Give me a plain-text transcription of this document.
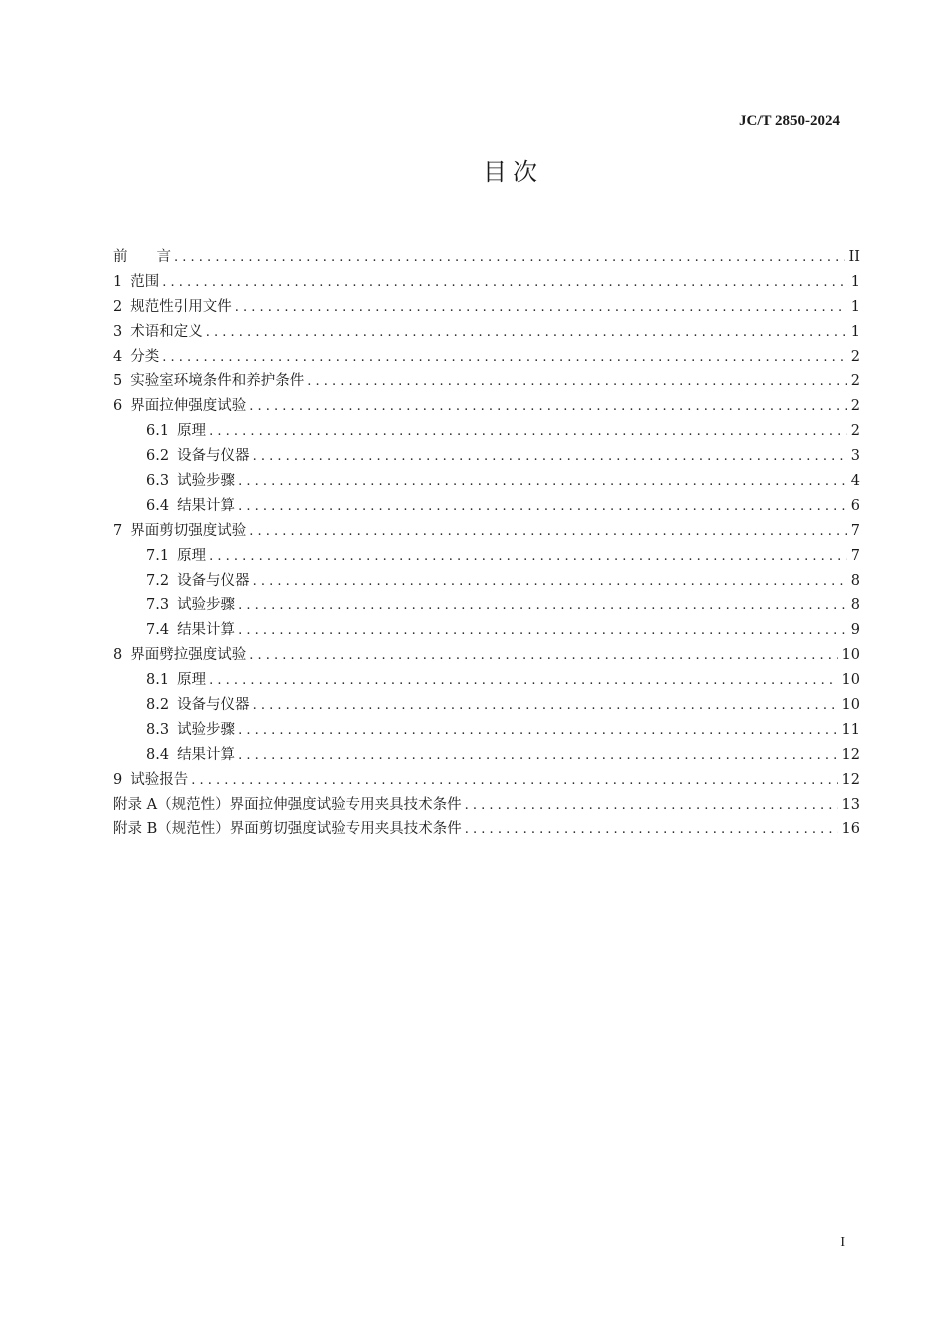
JC/T 2850-2024
目次
前　　言 . . .	II
1 范围 . . .	1
2 规范性引用文件 . . .	1
3 术语和定义 . . .	1
4 分类 . . .	2
5 实验室环境条件和养护条件 . . .	2
6 界面拉伸强度试验 . . .	2
6.1 原理 . . .	2
6.2 设备与仪器 . . .	3
6.3 试验步骤 . . .	4
6.4 结果计算 . . .	6
7 界面剪切强度试验 . . .	7
7.1 原理 . . .	7
7.2 设备与仪器 . . .	8
7.3 试验步骤 . . .	8
7.4 结果计算 . . .	9
8 界面劈拉强度试验 . . .	10
8.1 原理 . . .	10
8.2 设备与仪器 . . .	10
8.3 试验步骤 . . .	11
8.4 结果计算 . . .	12
9 试验报告 . . .	12
附录 A（规范性）界面拉伸强度试验专用夹具技术条件 . . .	13
附录 B（规范性）界面剪切强度试验专用夹具技术条件 . . .	16
I
